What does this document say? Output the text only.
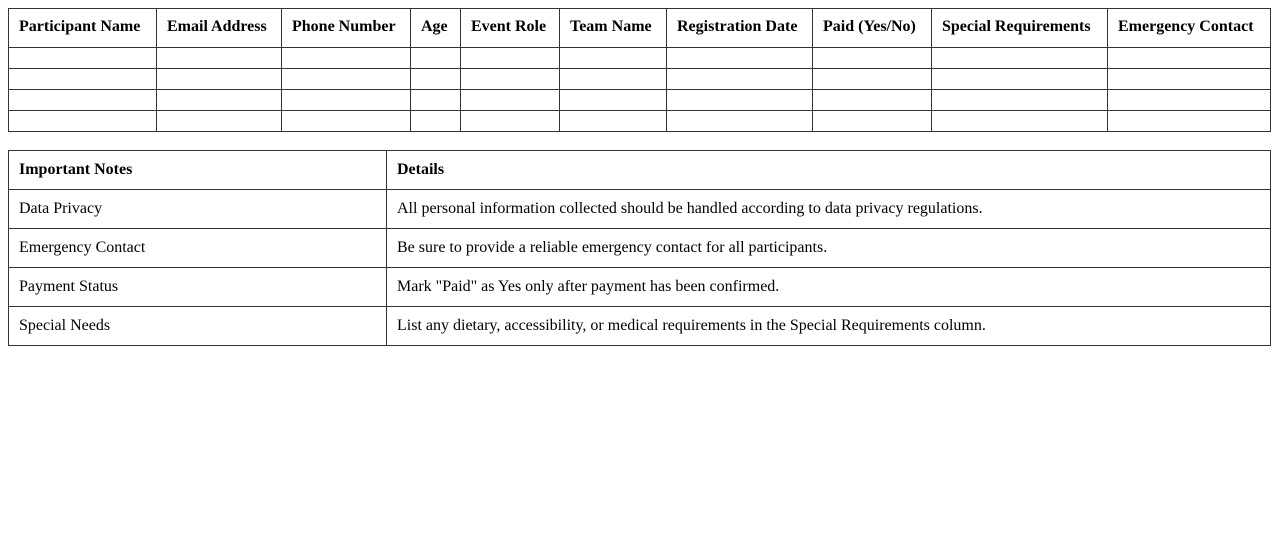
Participant Name	Email Address	Phone Number	Age	Event Role	Team Name	Registration Date	Paid (Yes/No)	Special Requirements	Emergency Contact

Important Notes	Details
Data Privacy	All personal information collected should be handled according to data privacy regulations.
Emergency Contact	Be sure to provide a reliable emergency contact for all participants.
Payment Status	Mark "Paid" as Yes only after payment has been confirmed.
Special Needs	List any dietary, accessibility, or medical requirements in the Special Requirements column.
